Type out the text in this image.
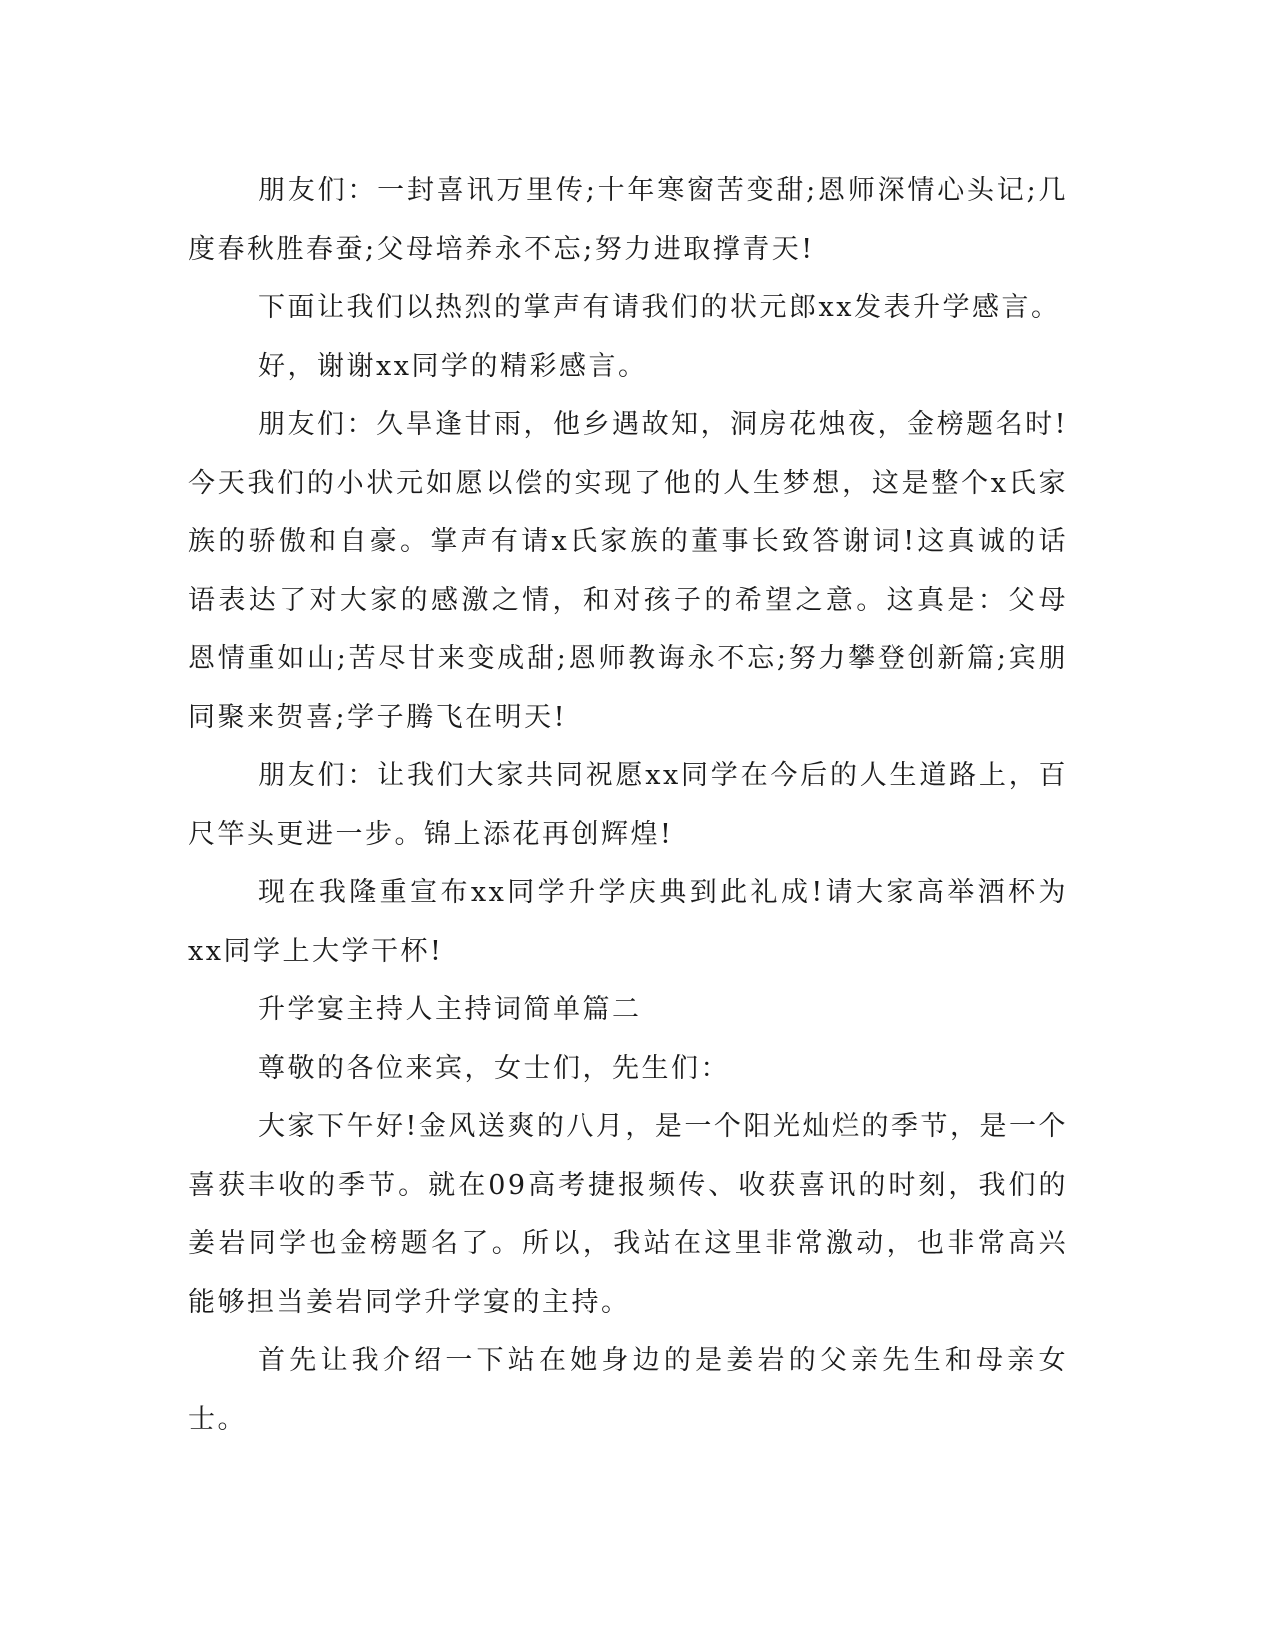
朋友们：一封喜讯万里传;十年寒窗苦变甜;恩师深情心头记;几度春秋胜春蚕;父母培养永不忘;努力进取撑青天!

下面让我们以热烈的掌声有请我们的状元郎xx发表升学感言。

好，谢谢xx同学的精彩感言。

朋友们：久旱逢甘雨，他乡遇故知，洞房花烛夜，金榜题名时!今天我们的小状元如愿以偿的实现了他的人生梦想，这是整个x氏家族的骄傲和自豪。掌声有请x氏家族的董事长致答谢词!这真诚的话语表达了对大家的感激之情，和对孩子的希望之意。这真是：父母恩情重如山;苦尽甘来变成甜;恩师教诲永不忘;努力攀登创新篇;宾朋同聚来贺喜;学子腾飞在明天!

朋友们：让我们大家共同祝愿xx同学在今后的人生道路上，百尺竿头更进一步。锦上添花再创辉煌!

现在我隆重宣布xx同学升学庆典到此礼成!请大家高举酒杯为xx同学上大学干杯!

升学宴主持人主持词简单篇二

尊敬的各位来宾，女士们，先生们：

大家下午好!金风送爽的八月，是一个阳光灿烂的季节，是一个喜获丰收的季节。就在09高考捷报频传、收获喜讯的时刻，我们的姜岩同学也金榜题名了。所以，我站在这里非常激动，也非常高兴能够担当姜岩同学升学宴的主持。

首先让我介绍一下站在她身边的是姜岩的父亲先生和母亲女士。
